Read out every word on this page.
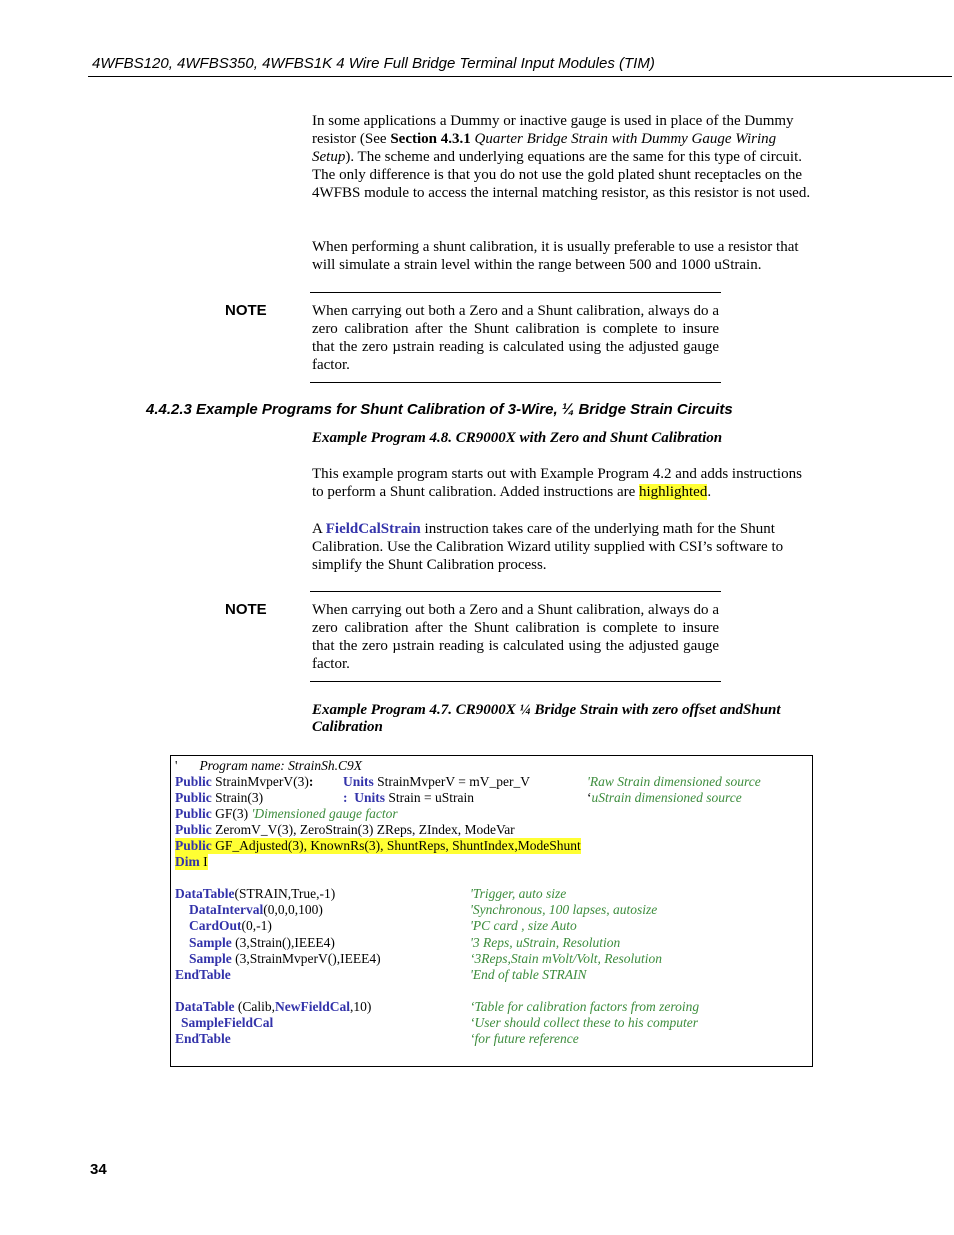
4WFBS120, 4WFBS350, 4WFBS1K 4 Wire Full Bridge Terminal Input Modules (TIM)
In some applications a Dummy or inactive gauge is used in place of the Dummy resistor (See Section 4.3.1 Quarter Bridge Strain with Dummy Gauge Wiring Setup). The scheme and underlying equations are the same for this type of circuit. The only difference is that you do not use the gold plated shunt receptacles on the 4WFBS module to access the internal matching resistor, as this resistor is not used.
When performing a shunt calibration, it is usually preferable to use a resistor that will simulate a strain level within the range between 500 and 1000 uStrain.
NOTE	When carrying out both a Zero and a Shunt calibration, always do a zero calibration after the Shunt calibration is complete to insure that the zero µstrain reading is calculated using the adjusted gauge factor.
4.4.2.3 Example Programs for Shunt Calibration of 3-Wire, ¼ Bridge Strain Circuits
Example Program 4.8. CR9000X with Zero and Shunt Calibration
This example program starts out with Example Program 4.2 and adds instructions to perform a Shunt calibration. Added instructions are highlighted.
A FieldCalStrain instruction takes care of the underlying math for the Shunt Calibration. Use the Calibration Wizard utility supplied with CSI’s software to simplify the Shunt Calibration process.
NOTE	When carrying out both a Zero and a Shunt calibration, always do a zero calibration after the Shunt calibration is complete to insure that the zero µstrain reading is calculated using the adjusted gauge factor.
Example Program 4.7. CR9000X ¼ Bridge Strain with zero offset andShunt Calibration
' Program name: StrainSh.C9X
Public StrainMvperV(3): Units StrainMvperV = mV_per_V	'Raw Strain dimensioned source
Public Strain(3)	: Units Strain = uStrain	‘uStrain dimensioned source
Public GF(3) 'Dimensioned gauge factor
Public ZeromV_V(3), ZeroStrain(3) ZReps, ZIndex, ModeVar
Public GF_Adjusted(3), KnownRs(3), ShuntReps, ShuntIndex,ModeShunt
Dim I
DataTable(STRAIN,True,-1)	'Trigger, auto size
DataInterval(0,0,0,100)	'Synchronous, 100 lapses, autosize
CardOut(0,-1)	'PC card , size Auto
Sample (3,Strain(),IEEE4)	'3 Reps, uStrain, Resolution
Sample (3,StrainMvperV(),IEEE4)	‘3Reps,Stain mVolt/Volt, Resolution
EndTable	'End of table STRAIN
DataTable (Calib,NewFieldCal,10)	‘Table for calibration factors from zeroing
SampleFieldCal	‘User should collect these to his computer
EndTable	‘for future reference
34
